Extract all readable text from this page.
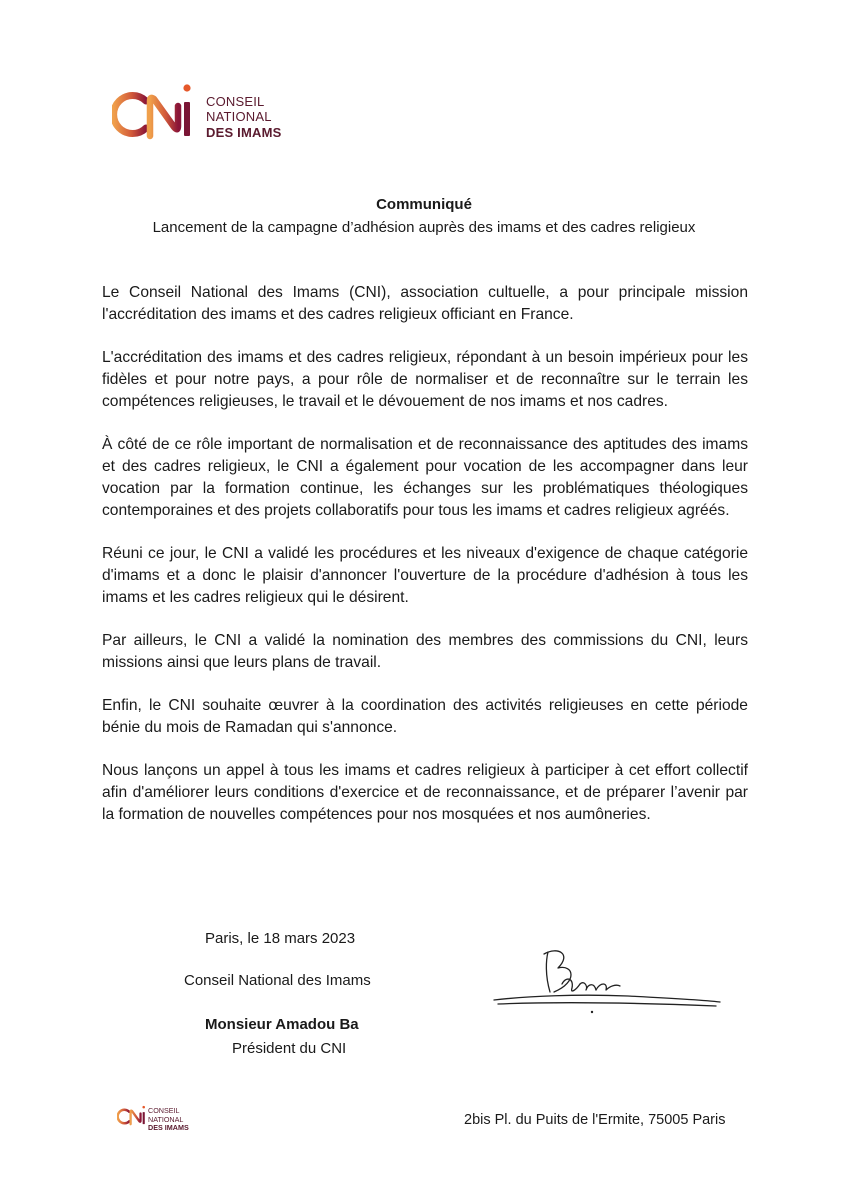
CONSEIL
NATIONAL
DES IMAMS
Communiqué
Lancement de la campagne d’adhésion auprès des imams et des cadres religieux

Le Conseil National des Imams (CNI), association cultuelle, a pour principale mission l'accréditation des imams et des cadres religieux officiant en France.

L'accréditation des imams et des cadres religieux, répondant à un besoin impérieux pour les fidèles et pour notre pays, a pour rôle de normaliser et de reconnaître sur le terrain les compétences religieuses, le travail et le dévouement de nos imams et nos cadres.

À côté de ce rôle important de normalisation et de reconnaissance des aptitudes des imams et des cadres religieux, le CNI a également pour vocation de les accompagner dans leur vocation par la formation continue, les échanges sur les problématiques théologiques contemporaines et des projets collaboratifs pour tous les imams et cadres religieux agréés.

Réuni ce jour, le CNI a validé les procédures et les niveaux d'exigence de chaque catégorie d'imams et a donc le plaisir d'annoncer l'ouverture de la procédure d'adhésion à tous les imams et les cadres religieux qui le désirent.

Par ailleurs, le CNI a validé la nomination des membres des commissions du CNI, leurs missions ainsi que leurs plans de travail.

Enfin, le CNI souhaite œuvrer à la coordination des activités religieuses en cette période bénie du mois de Ramadan qui s'annonce.

Nous lançons un appel à tous les imams et cadres religieux à participer à cet effort collectif afin d'améliorer leurs conditions d'exercice et de reconnaissance, et de préparer l’avenir par la formation de nouvelles compétences pour nos mosquées et nos aumôneries.

Paris, le 18 mars 2023
Conseil National des Imams
Monsieur Amadou Ba
Président du CNI
CONSEIL
NATIONAL
DES IMAMS	2bis Pl. du Puits de l'Ermite, 75005 Paris
